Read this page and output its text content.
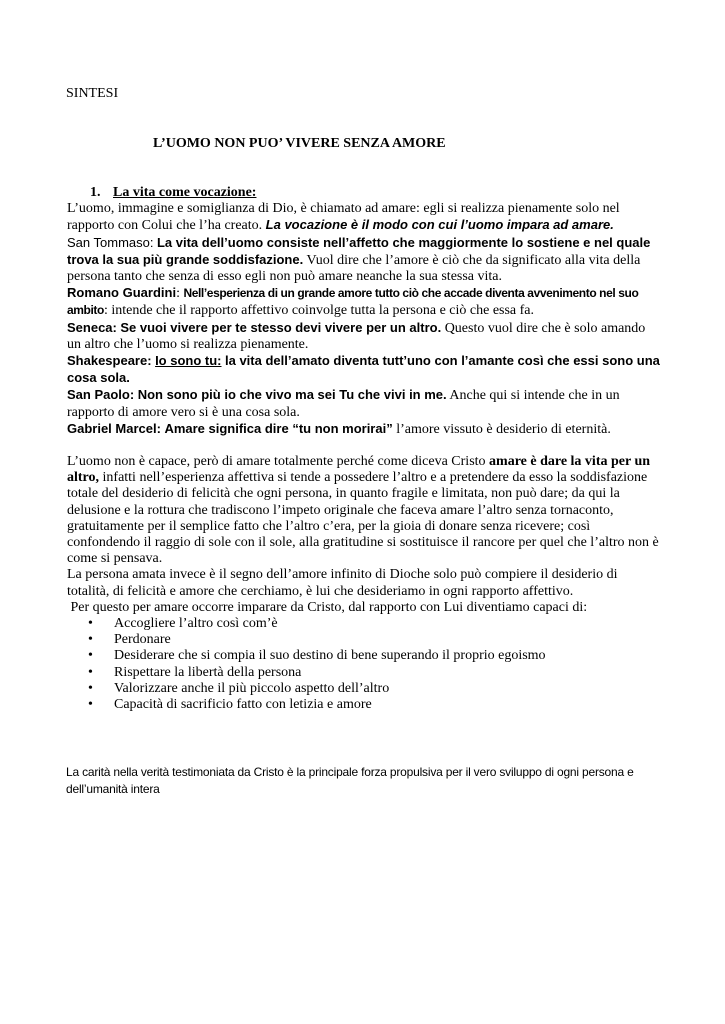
SINTESI
L’UOMO NON PUO’ VIVERE SENZA AMORE

1. La vita come vocazione:

L’uomo, immagine e somiglianza di Dio, è chiamato ad amare: egli si realizza pienamente solo nel rapporto con Colui che l’ha creato. La vocazione è il modo con cui l’uomo impara ad amare.

San Tommaso: La vita dell’uomo consiste nell’affetto che maggiormente lo sostiene e nel quale trova la sua più grande soddisfazione. Vuol dire che l’amore è ciò che da significato alla vita della persona tanto che senza di esso egli non può amare neanche la sua stessa vita.

Romano Guardini: Nell’esperienza di un grande amore tutto ciò che accade diventa avvenimento nel suo ambito: intende che il rapporto affettivo coinvolge tutta la persona e ciò che essa fa.

Seneca: Se vuoi vivere per te stesso devi vivere per un altro. Questo vuol dire che è solo amando un altro che l’uomo si realizza pienamente.

Shakespeare: Io sono tu: la vita dell’amato diventa tutt’uno con l’amante così che essi sono una cosa sola.

San Paolo: Non sono più io che vivo ma sei Tu che vivi in me. Anche qui si intende che in un rapporto di amore vero si è una cosa sola.

Gabriel Marcel: Amare significa dire “tu non morirai” l’amore vissuto è desiderio di eternità.

L’uomo non è capace, però di amare totalmente perché come diceva Cristo amare è dare la vita per un altro, infatti nell’esperienza affettiva si tende a possedere l’altro e a pretendere da esso la soddisfazione totale del desiderio di felicità che ogni persona, in quanto fragile e limitata, non può dare; da qui la delusione e la rottura che tradiscono l’impeto originale che faceva amare l’altro senza tornaconto, gratuitamente per il semplice fatto che l’altro c’era, per la gioia di donare senza ricevere; così confondendo il raggio di sole con il sole, alla gratitudine si sostituisce il rancore per quel che l’altro non è come si pensava.

La persona amata invece è il segno dell’amore infinito di Dioche solo può compiere il desiderio di totalità, di felicità e amore che cerchiamo, è lui che desideriamo in ogni rapporto affettivo.

Per questo per amare occorre imparare da Cristo, dal rapporto con Lui diventiamo capaci di:

• Accogliere l’altro così com’è
• Perdonare
• Desiderare che si compia il suo destino di bene superando il proprio egoismo
• Rispettare la libertà della persona
• Valorizzare anche il più piccolo aspetto dell’altro
• Capacità di sacrificio fatto con letizia e amore
La carità nella verità testimoniata da Cristo è la principale forza propulsiva per il vero sviluppo di ogni persona e dell’umanità intera
